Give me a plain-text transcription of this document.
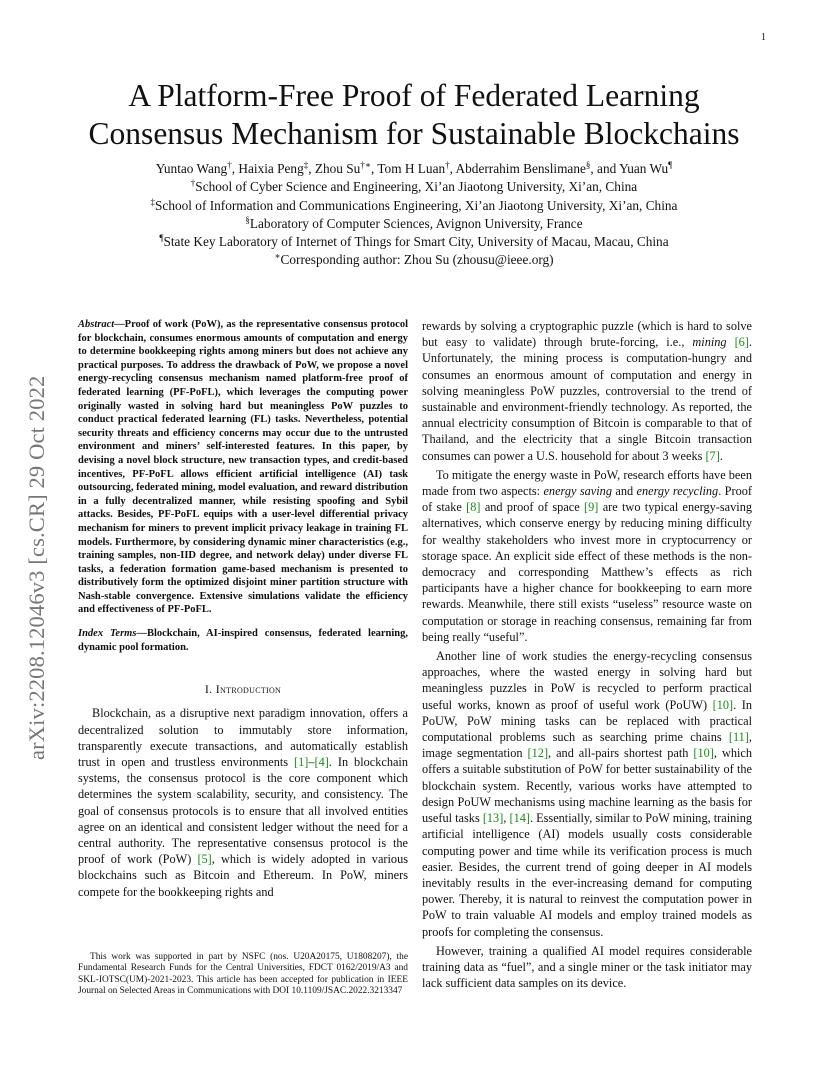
1
arXiv:2208.12046v3 [cs.CR] 29 Oct 2022
A Platform-Free Proof of Federated Learning
Consensus Mechanism for Sustainable Blockchains
Yuntao Wang†, Haixia Peng‡, Zhou Su†∗, Tom H Luan†, Abderrahim Benslimane§, and Yuan Wu¶
†School of Cyber Science and Engineering, Xi’an Jiaotong University, Xi’an, China
‡School of Information and Communications Engineering, Xi’an Jiaotong University, Xi’an, China
§Laboratory of Computer Sciences, Avignon University, France
¶State Key Laboratory of Internet of Things for Smart City, University of Macau, Macau, China
∗Corresponding author: Zhou Su (zhousu@ieee.org)

Abstract—Proof of work (PoW), as the representative consensus protocol for blockchain, consumes enormous amounts of computation and energy to determine bookkeeping rights among miners but does not achieve any practical purposes. To address the drawback of PoW, we propose a novel energy-recycling consensus mechanism named platform-free proof of federated learning (PF-PoFL), which leverages the computing power originally wasted in solving hard but meaningless PoW puzzles to conduct practical federated learning (FL) tasks. Nevertheless, potential security threats and efficiency concerns may occur due to the untrusted environment and miners’ self-interested features. In this paper, by devising a novel block structure, new transaction types, and credit-based incentives, PF-PoFL allows efficient artificial intelligence (AI) task outsourcing, federated mining, model evaluation, and reward distribution in a fully decentralized manner, while resisting spoofing and Sybil attacks. Besides, PF-PoFL equips with a user-level differential privacy mechanism for miners to prevent implicit privacy leakage in training FL models. Furthermore, by considering dynamic miner characteristics (e.g., training samples, non-IID degree, and network delay) under diverse FL tasks, a federation formation game-based mechanism is presented to distributively form the optimized disjoint miner partition structure with Nash-stable convergence. Extensive simulations validate the efficiency and effectiveness of PF-PoFL.

Index Terms—Blockchain, AI-inspired consensus, federated learning, dynamic pool formation.

I. Introduction

Blockchain, as a disruptive next paradigm innovation, offers a decentralized solution to immutably store information, transparently execute transactions, and automatically establish trust in open and trustless environments [1]–[4]. In blockchain systems, the consensus protocol is the core component which determines the system scalability, security, and consistency. The goal of consensus protocols is to ensure that all involved entities agree on an identical and consistent ledger without the need for a central authority. The representative consensus protocol is the proof of work (PoW) [5], which is widely adopted in various blockchains such as Bitcoin and Ethereum. In PoW, miners compete for the bookkeeping rights and

This work was supported in part by NSFC (nos. U20A20175, U1808207), the Fundamental Research Funds for the Central Universities, FDCT 0162/2019/A3 and SKL-IOTSC(UM)-2021-2023. This article has been accepted for publication in IEEE Journal on Selected Areas in Communications with DOI 10.1109/JSAC.2022.3213347

rewards by solving a cryptographic puzzle (which is hard to solve but easy to validate) through brute-forcing, i.e., mining [6]. Unfortunately, the mining process is computation-hungry and consumes an enormous amount of computation and energy in solving meaningless PoW puzzles, controversial to the trend of sustainable and environment-friendly technology. As reported, the annual electricity consumption of Bitcoin is comparable to that of Thailand, and the electricity that a single Bitcoin transaction consumes can power a U.S. household for about 3 weeks [7].

To mitigate the energy waste in PoW, research efforts have been made from two aspects: energy saving and energy recycling. Proof of stake [8] and proof of space [9] are two typical energy-saving alternatives, which conserve energy by reducing mining difficulty for wealthy stakeholders who invest more in cryptocurrency or storage space. An explicit side effect of these methods is the non-democracy and corresponding Matthew’s effects as rich participants have a higher chance for bookkeeping to earn more rewards. Meanwhile, there still exists “useless” resource waste on computation or storage in reaching consensus, remaining far from being really “useful”.

Another line of work studies the energy-recycling consensus approaches, where the wasted energy in solving hard but meaningless puzzles in PoW is recycled to perform practical useful works, known as proof of useful work (PoUW) [10]. In PoUW, PoW mining tasks can be replaced with practical computational problems such as searching prime chains [11], image segmentation [12], and all-pairs shortest path [10], which offers a suitable substitution of PoW for better sustainability of the blockchain system. Recently, various works have attempted to design PoUW mechanisms using machine learning as the basis for useful tasks [13], [14]. Essentially, similar to PoW mining, training artificial intelligence (AI) models usually costs considerable computing power and time while its verification process is much easier. Besides, the current trend of going deeper in AI models inevitably results in the ever-increasing demand for computing power. Thereby, it is natural to reinvest the computation power in PoW to train valuable AI models and employ trained models as proofs for completing the consensus.

However, training a qualified AI model requires considerable training data as “fuel”, and a single miner or the task initiator may lack sufficient data samples on its device.
